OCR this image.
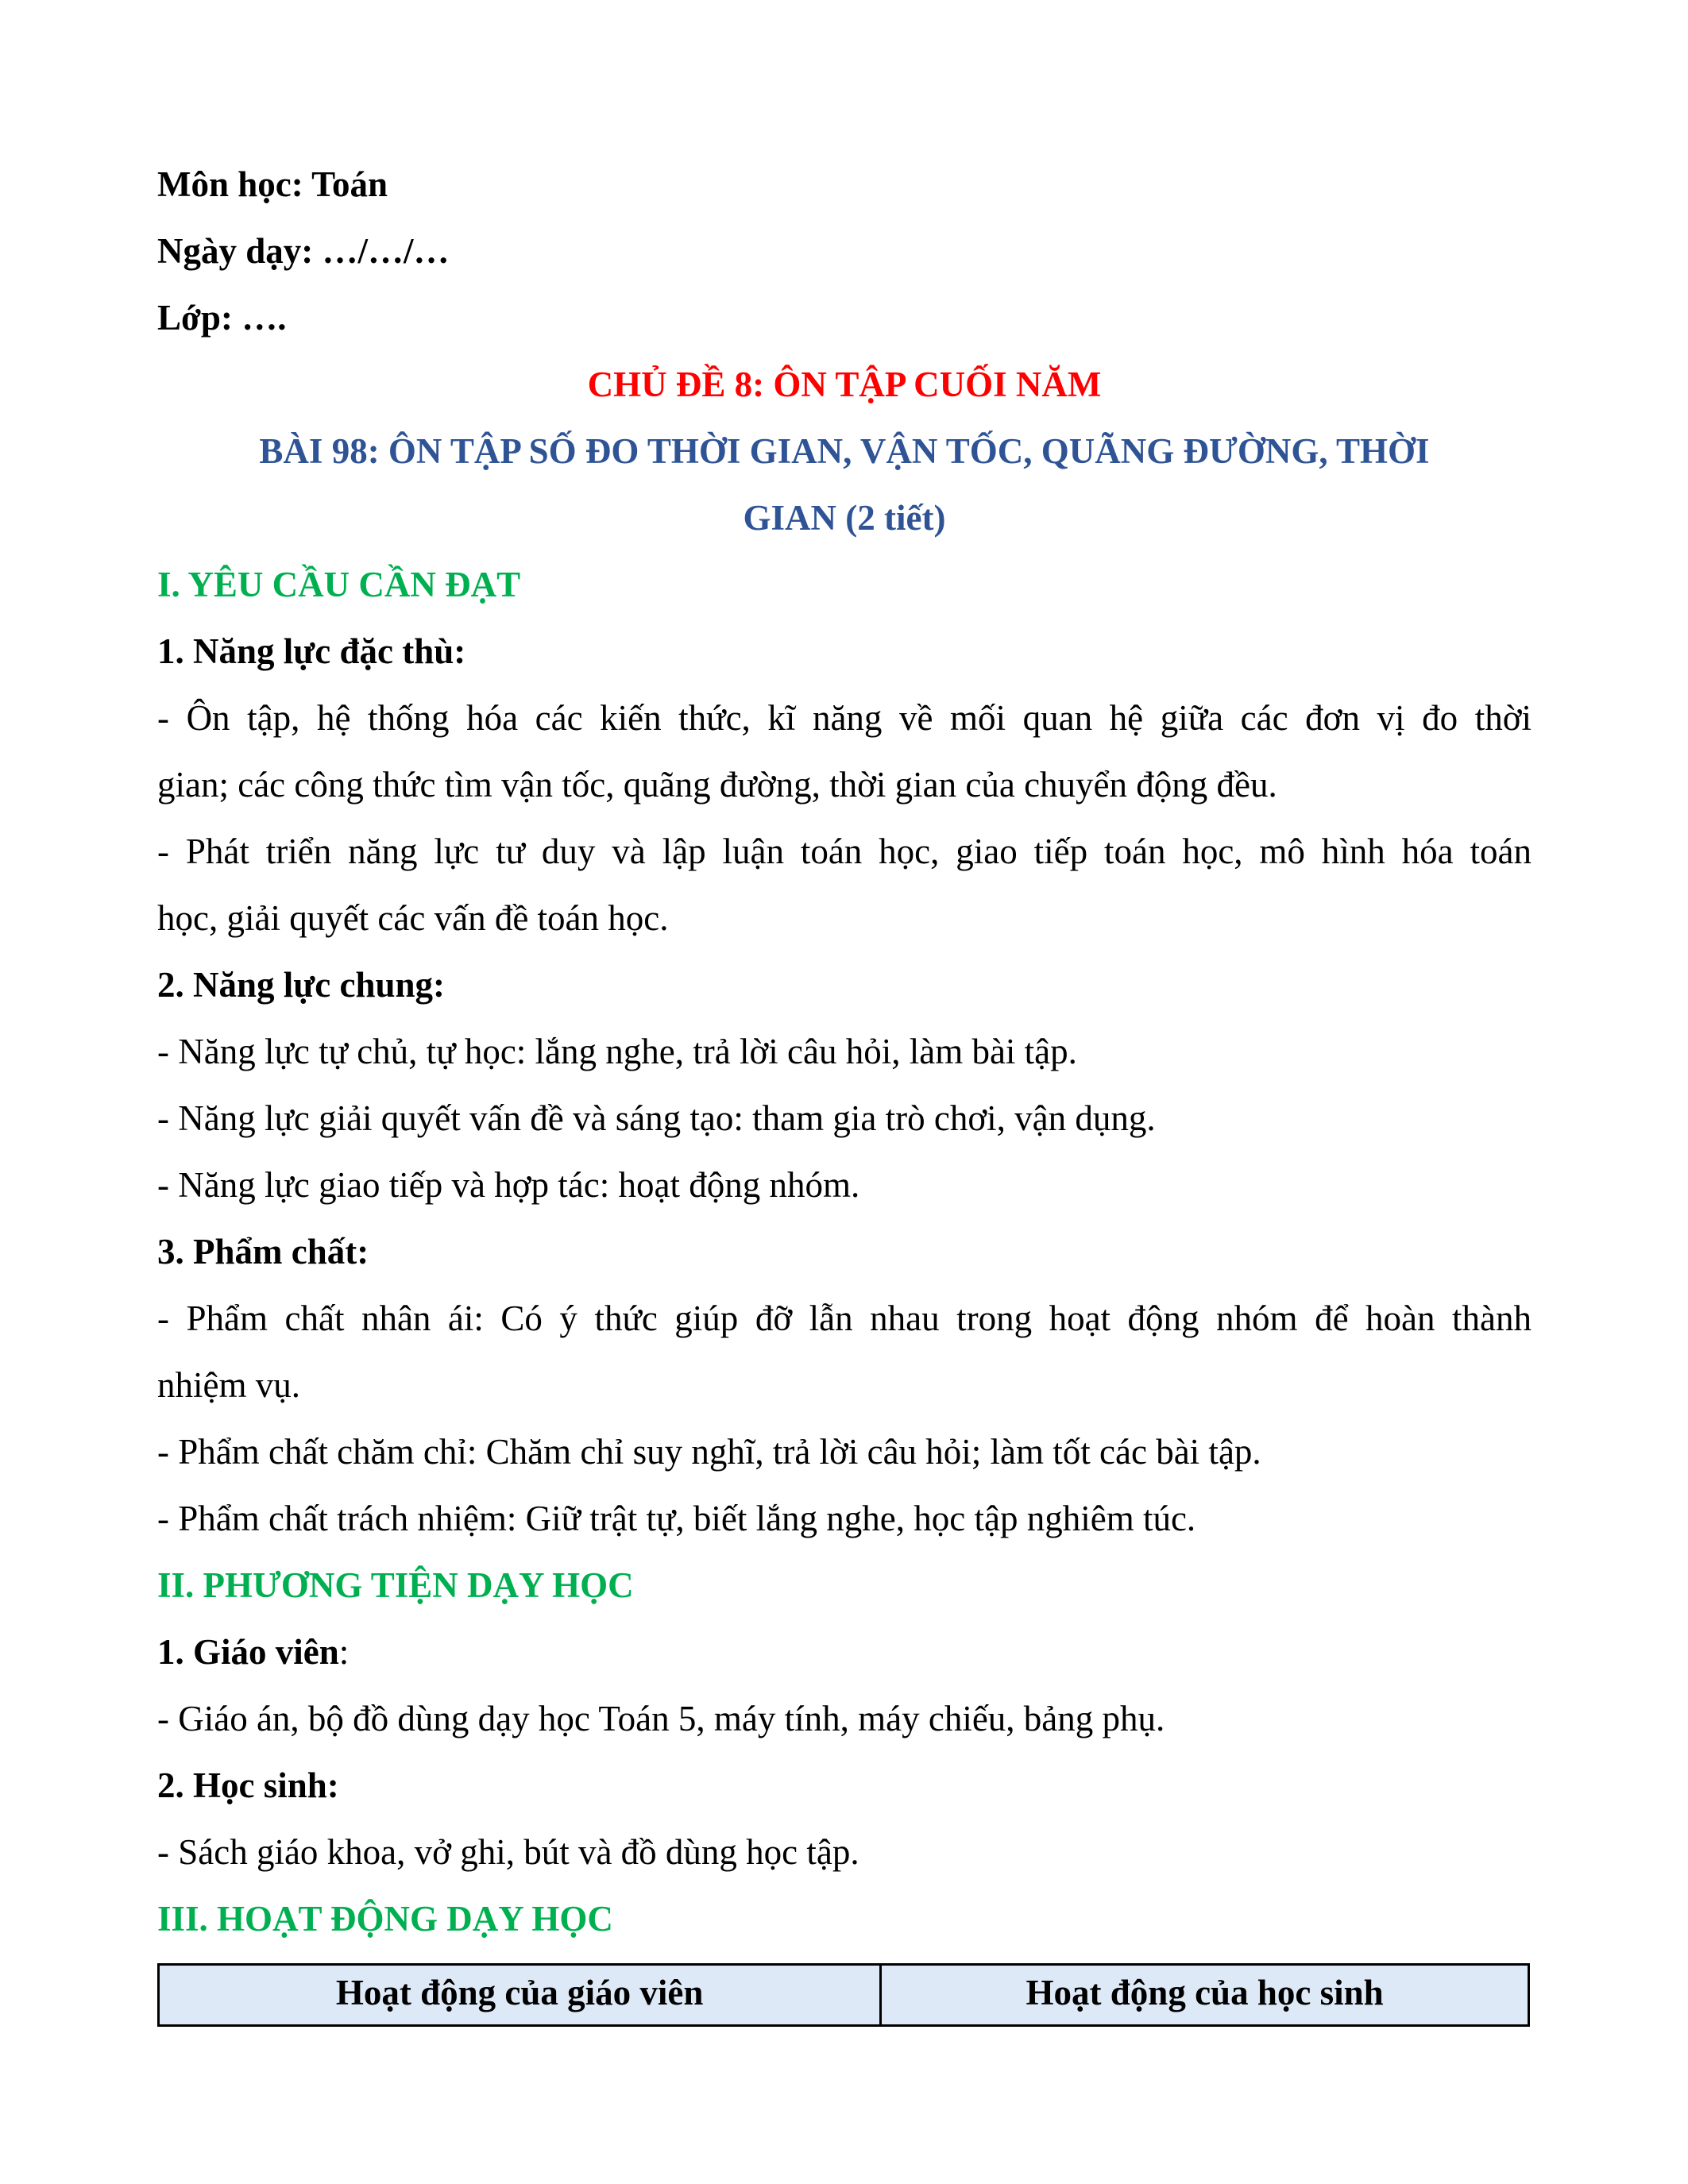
Môn học: Toán
Ngày dạy: …/…/…
Lớp: ….
CHỦ ĐỀ 8: ÔN TẬP CUỐI NĂM
BÀI 98: ÔN TẬP SỐ ĐO THỜI GIAN, VẬN TỐC, QUÃNG ĐƯỜNG, THỜI
GIAN (2 tiết)
I. YÊU CẦU CẦN ĐẠT
1. Năng lực đặc thù:
- Ôn tập, hệ thống hóa các kiến thức, kĩ năng về mối quan hệ giữa các đơn vị đo thời
gian; các công thức tìm vận tốc, quãng đường, thời gian của chuyển động đều.
- Phát triển năng lực tư duy và lập luận toán học, giao tiếp toán học, mô hình hóa toán
học, giải quyết các vấn đề toán học.
2. Năng lực chung:
- Năng lực tự chủ, tự học: lắng nghe, trả lời câu hỏi, làm bài tập.
- Năng lực giải quyết vấn đề và sáng tạo: tham gia trò chơi, vận dụng.
- Năng lực giao tiếp và hợp tác: hoạt động nhóm.
3. Phẩm chất:
- Phẩm chất nhân ái: Có ý thức giúp đỡ lẫn nhau trong hoạt động nhóm để hoàn thành
nhiệm vụ.
- Phẩm chất chăm chỉ: Chăm chỉ suy nghĩ, trả lời câu hỏi; làm tốt các bài tập.
- Phẩm chất trách nhiệm: Giữ trật tự, biết lắng nghe, học tập nghiêm túc.
II. PHƯƠNG TIỆN DẠY HỌC
1. Giáo viên:
- Giáo án, bộ đồ dùng dạy học Toán 5, máy tính, máy chiếu, bảng phụ.
2. Học sinh:
- Sách giáo khoa, vở ghi, bút và đồ dùng học tập.
III. HOẠT ĐỘNG DẠY HỌC
Hoạt động của giáo viên	Hoạt động của học sinh
